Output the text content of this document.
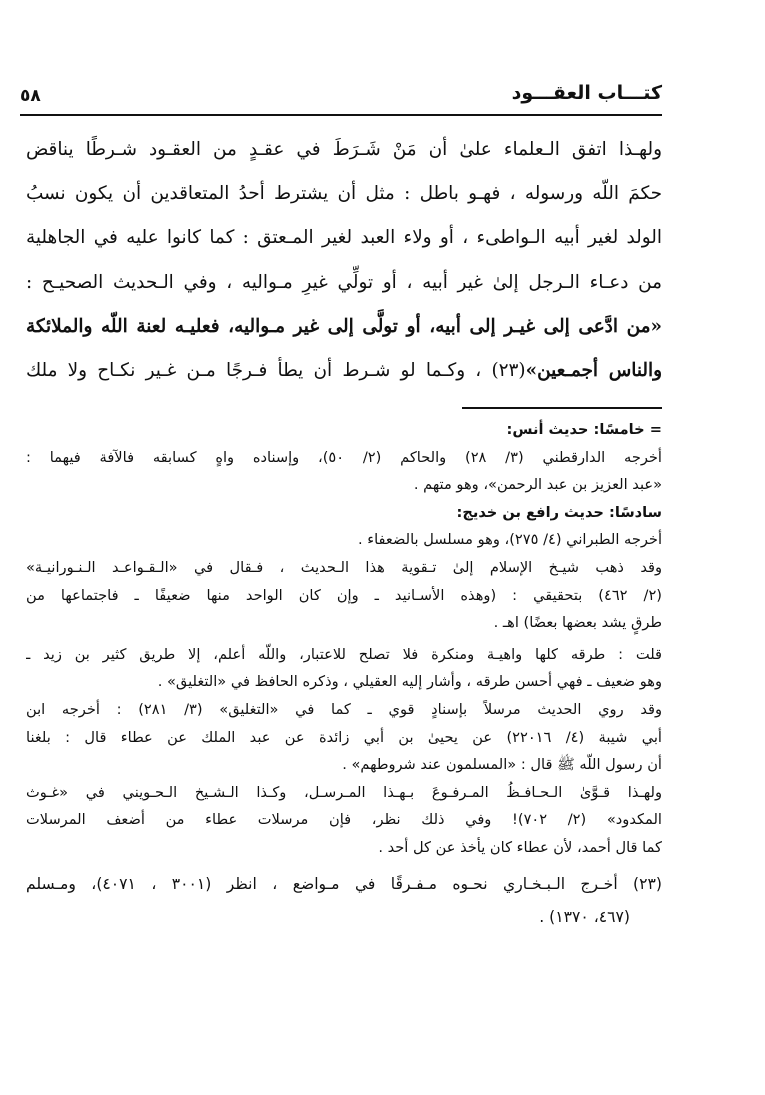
كتـــاب العقـــود
٥٨
ولهـذا اتفق الـعلماء علىٰ أن مَنْ شَـرَطَ في عقـدٍ من العقـود شـرطًا يناقض
حكمَ اللّه ورسوله ، فهـو باطل : مثل أن يشترط أحدُ المتعاقدين أن يكون نسبُ
الولد لغير أبيه الـواطىء ، أو ولاء العبد لغير المـعتق : كما كانوا عليه في الجاهلية
من دعـاء الـرجل إلىٰ غير أبيه ، أو تولِّي غيرِ مـواليه ، وفي الـحديث الصحيـح :
«من ادَّعى إلى غيـر إلى أبيه، أو تولَّى إلى غير مـواليه، فعليـه لعنة اللّه والملائكة
والناس أجمـعين»(٢٣) ، وكـما لو شـرط أن يطأ فـرجًا مـن غـير نكـاح ولا ملك
= خامسًا: حديث أنس:
أخرجه الدارقطني (٣/ ٢٨) والحاكم (٢/ ٥٠)، وإسناده واهٍ كسابقه فالآفة فيهما :
«عبد العزيز بن عبد الرحمن»، وهو متهم .
سادسًا: حديث رافع بن خديج:
أخرجه الطبراني (٤/ ٢٧٥)، وهو مسلسل بالضعفاء .
وقد ذهب شيـخ الإسلام إلىٰ تـقوية هذا الـحديث ، فـقال في «الـقـواعـد الـنـورانيـة»
(٢/ ٤٦٢) بتحقيقي : (وهذه الأسـانيد ـ وإن كان الواحد منها ضعيفًا ـ فاجتماعها من
طرقٍ يشد بعضها بعضًا) اهـ .
قلت : طرقه كلها واهيـة ومنكرة فلا تصلح للاعتبار، واللّه أعلم، إلا طريق كثير بن زيد ـ
وهو ضعيف ـ فهي أحسن طرقه ، وأشار إليه العقيلي ، وذكره الحافظ في «التغليق» .
وقد روي الحديث مرسلاً بإسنادٍ قوي ـ كما في «التغليق» (٣/ ٢٨١) : أخرجه ابن
أبي شيبة (٤/ ٢٢٠١٦) عن يحيىٰ بن أبي زائدة عن عبد الملك عن عطاء قال : بلغنا
أن رسول اللّه ﷺ قال : «المسلمون عند شروطهم» .
ولهـذا قـوَّىٰ الـحـافـظُ المـرفـوعَ بـهـذا المـرسـل، وكـذا الـشـيخ الـحـويني في «غـوث
المكدود» (٢/ ٧٠٢)! وفي ذلك نظر، فإن مرسلات عطاء من أضعف المرسلات
كما قال أحمد، لأن عطاء كان يأخذ عن كل أحد .
(٢٣) أخـرج الـبـخـاري نحـوه مـفـرقًا في مـواضع ، انظر (٣٠٠١ ، ٤٠٧١)، ومـسلم
(٤٦٧، ١٣٧٠) .
